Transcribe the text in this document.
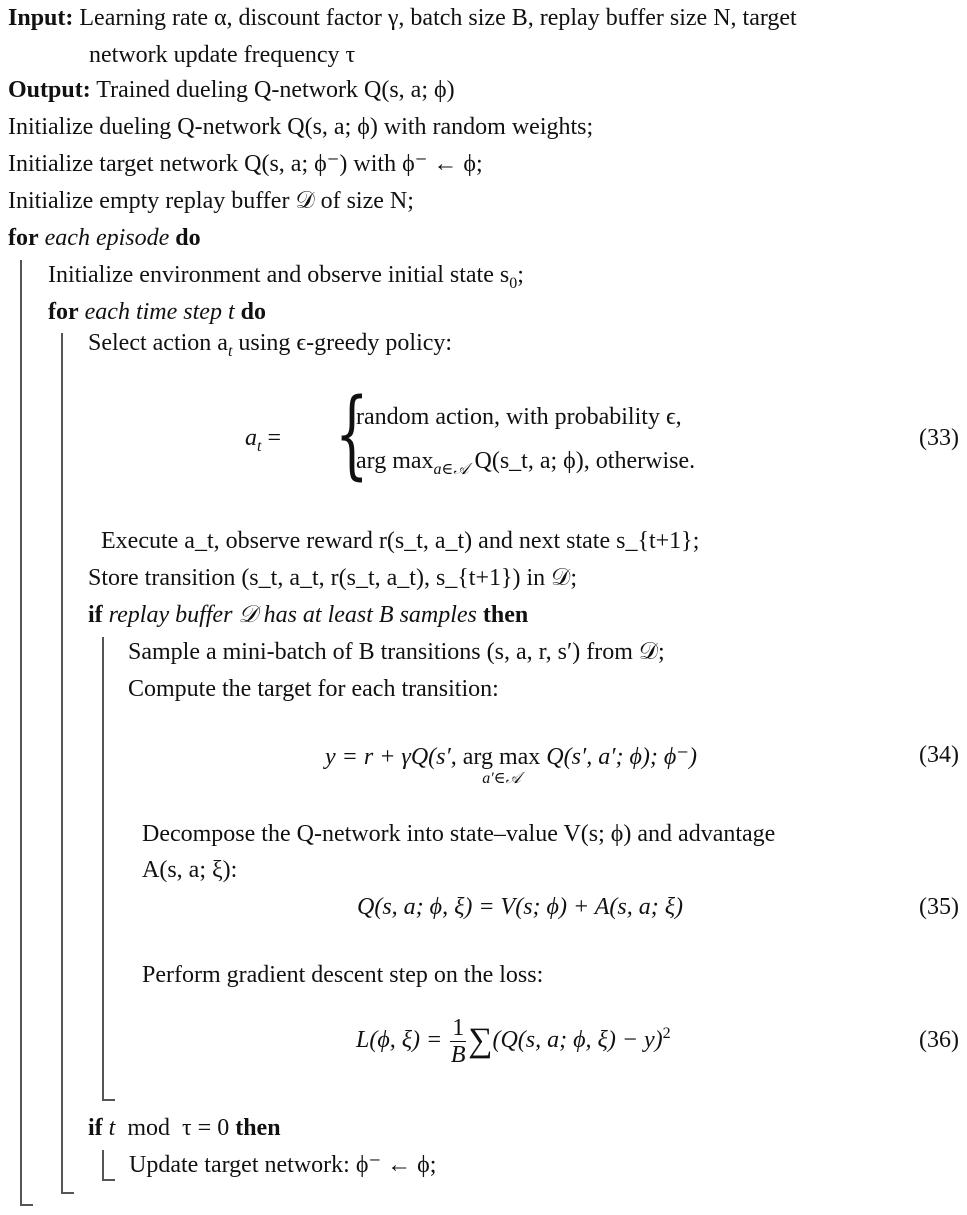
Input: Learning rate α, discount factor γ, batch size B, replay buffer size N, target
network update frequency τ
Output: Trained dueling Q-network Q(s, a; ϕ)
Initialize dueling Q-network Q(s, a; ϕ) with random weights;
Initialize target network Q(s, a; ϕ⁻) with ϕ⁻ ← ϕ;
Initialize empty replay buffer 𝒟 of size N;
for each episode do
Initialize environment and observe initial state $s_0$;
for each time step t do
Select action $a_t$ using ϵ-greedy policy:
$a_t$ = {
random action, with probability ϵ,
arg $\max_{a\in 𝒜}$ Q(s_t, a; ϕ), otherwise.
(33)
Execute a_t, observe reward r(s_t, a_t) and next state s_{t+1};
Store transition (s_t, a_t, r(s_t, a_t), s_{t+1}) in 𝒟;
if replay buffer 𝒟 has at least B samples then
Sample a mini-batch of B transitions (s, a, r, s′) from 𝒟;
Compute the target for each transition:
y = r + γQ(s′, arg max
a′∈𝒜
Q(s′, a′; ϕ); ϕ⁻)	(34)
Decompose the Q-network into state–value V(s; ϕ) and advantage
A(s, a; ξ):
Q(s, a; ϕ, ξ) = V(s; ϕ) + A(s, a; ξ)	(35)
Perform gradient descent step on the loss:
L(ϕ, $\xi) = \frac{1}{B} \sum(Q(s$, a; ϕ, ξ) − y)$^2$	(36)
if t  mod  τ = 0 then
Update target network: ϕ⁻ ← ϕ;
